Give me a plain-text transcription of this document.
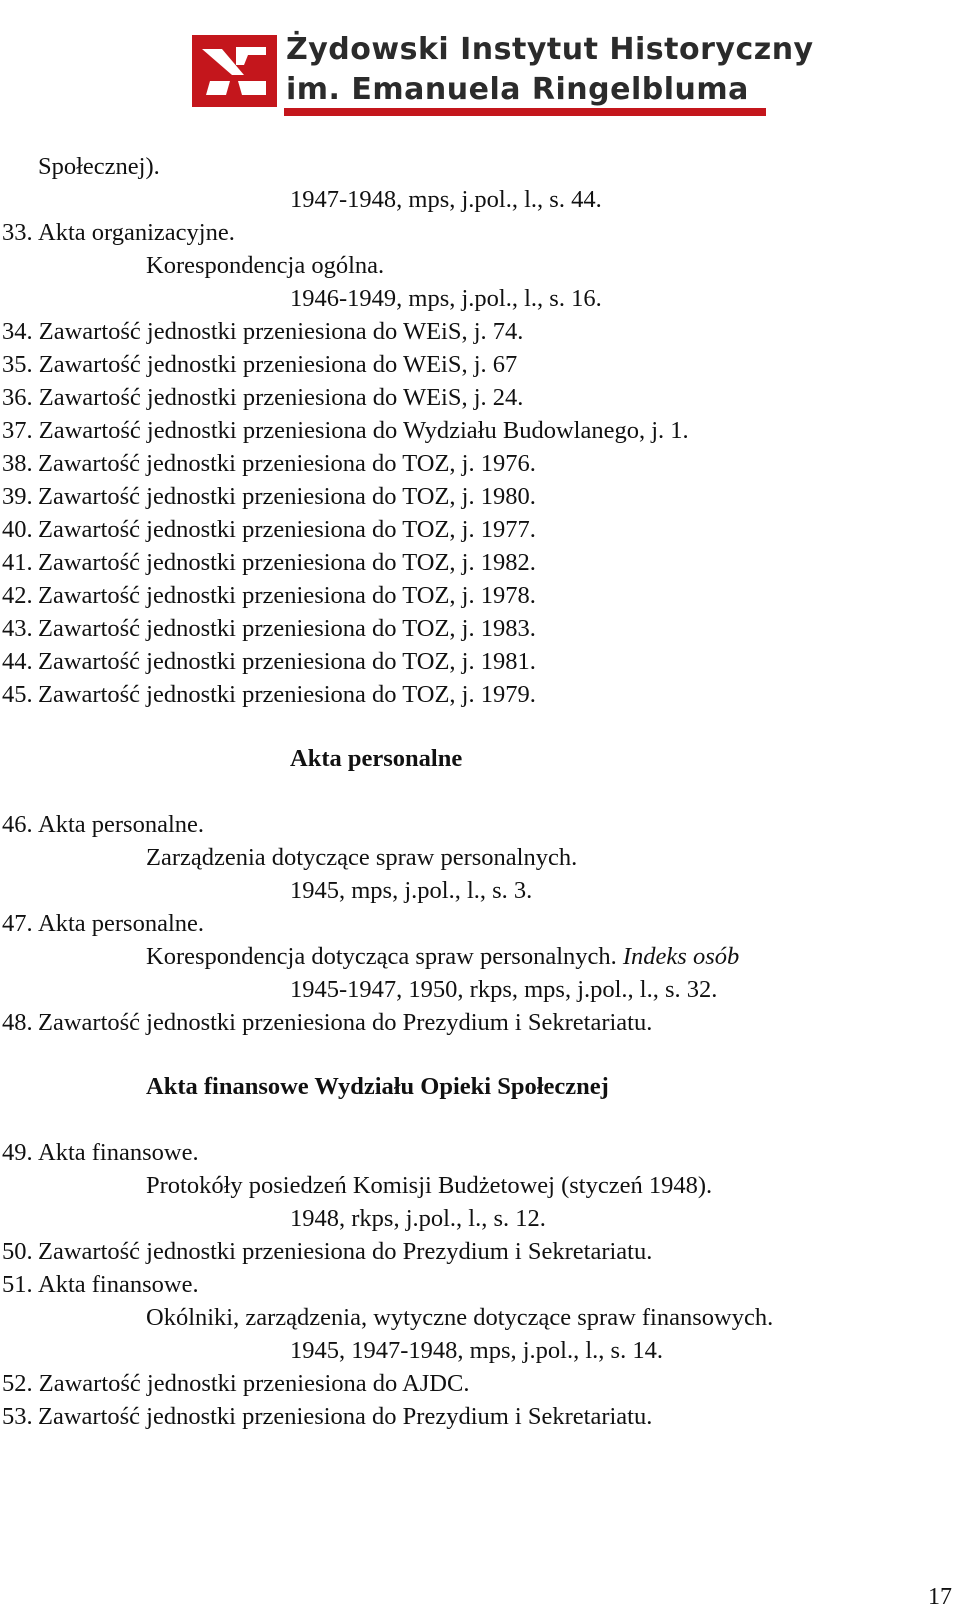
Żydowski Instytut Historyczny
im. Emanuela Ringelbluma
Społecznej).
1947-1948, mps, j.pol., l., s. 44.
33. Akta organizacyjne.
Korespondencja ogólna.
1946-1949, mps, j.pol., l., s. 16.
34. Zawartość jednostki przeniesiona do WEiS, j. 74.
35. Zawartość jednostki przeniesiona do WEiS, j. 67
36. Zawartość jednostki przeniesiona do WEiS, j. 24.
37. Zawartość jednostki przeniesiona do Wydziału Budowlanego, j. 1.
38. Zawartość jednostki przeniesiona do TOZ, j. 1976.
39. Zawartość jednostki przeniesiona do TOZ, j. 1980.
40. Zawartość jednostki przeniesiona do TOZ, j. 1977.
41. Zawartość jednostki przeniesiona do TOZ, j. 1982.
42. Zawartość jednostki przeniesiona do TOZ, j. 1978.
43. Zawartość jednostki przeniesiona do TOZ, j. 1983.
44. Zawartość jednostki przeniesiona do TOZ, j. 1981.
45. Zawartość jednostki przeniesiona do TOZ, j. 1979.
Akta personalne
46. Akta personalne.
Zarządzenia dotyczące spraw personalnych.
1945, mps, j.pol., l., s. 3.
47. Akta personalne.
Korespondencja dotycząca spraw personalnych. Indeks osób
1945-1947, 1950, rkps, mps, j.pol., l., s. 32.
48. Zawartość jednostki przeniesiona do Prezydium i Sekretariatu.
Akta finansowe Wydziału Opieki Społecznej
49. Akta finansowe.
Protokóły posiedzeń Komisji Budżetowej (styczeń 1948).
1948, rkps, j.pol., l., s. 12.
50. Zawartość jednostki przeniesiona do Prezydium i Sekretariatu.
51. Akta finansowe.
Okólniki, zarządzenia, wytyczne dotyczące spraw finansowych.
1945, 1947-1948, mps, j.pol., l., s. 14.
52. Zawartość jednostki przeniesiona do AJDC.
53. Zawartość jednostki przeniesiona do Prezydium i Sekretariatu.
17
